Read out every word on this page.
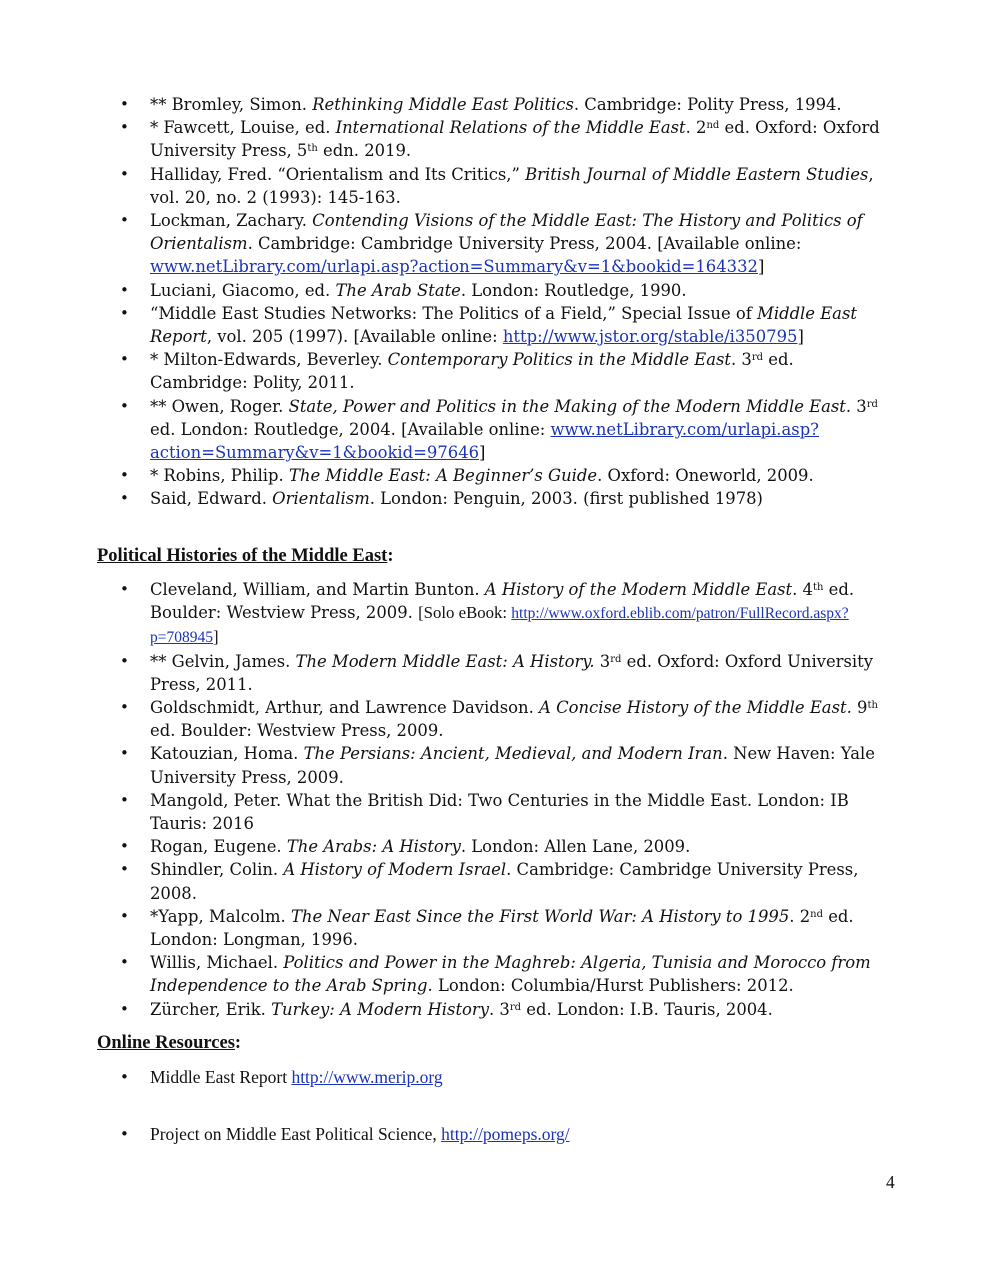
• ** Bromley, Simon. Rethinking Middle East Politics. Cambridge: Polity Press, 1994.
• * Fawcett, Louise, ed. International Relations of the Middle East. 2nd ed. Oxford: Oxford University Press, 5th edn. 2019.
• Halliday, Fred. “Orientalism and Its Critics,” British Journal of Middle Eastern Studies, vol. 20, no. 2 (1993): 145-163.
• Lockman, Zachary. Contending Visions of the Middle East: The History and Politics of Orientalism. Cambridge: Cambridge University Press, 2004. [Available online: www.netLibrary.com/urlapi.asp?action=Summary&v=1&bookid=164332]
• Luciani, Giacomo, ed. The Arab State. London: Routledge, 1990.
• “Middle East Studies Networks: The Politics of a Field,” Special Issue of Middle East Report, vol. 205 (1997). [Available online: http://www.jstor.org/stable/i350795]
• * Milton-Edwards, Beverley. Contemporary Politics in the Middle East. 3rd ed. Cambridge: Polity, 2011.
• ** Owen, Roger. State, Power and Politics in the Making of the Modern Middle East. 3rd ed. London: Routledge, 2004. [Available online: www.netLibrary.com/urlapi.asp?action=Summary&v=1&bookid=97646]
• * Robins, Philip. The Middle East: A Beginner’s Guide. Oxford: Oneworld, 2009.
• Said, Edward. Orientalism. London: Penguin, 2003. (first published 1978)
Political Histories of the Middle East:
• Cleveland, William, and Martin Bunton. A History of the Modern Middle East. 4th ed. Boulder: Westview Press, 2009. [Solo eBook: http://www.oxford.eblib.com/patron/FullRecord.aspx?p=708945]
• ** Gelvin, James. The Modern Middle East: A History. 3rd ed. Oxford: Oxford University Press, 2011.
• Goldschmidt, Arthur, and Lawrence Davidson. A Concise History of the Middle East. 9th ed. Boulder: Westview Press, 2009.
• Katouzian, Homa. The Persians: Ancient, Medieval, and Modern Iran. New Haven: Yale University Press, 2009.
• Mangold, Peter. What the British Did: Two Centuries in the Middle East. London: IB Tauris: 2016
• Rogan, Eugene. The Arabs: A History. London: Allen Lane, 2009.
• Shindler, Colin. A History of Modern Israel. Cambridge: Cambridge University Press, 2008.
• *Yapp, Malcolm. The Near East Since the First World War: A History to 1995. 2nd ed. London: Longman, 1996.
• Willis, Michael. Politics and Power in the Maghreb: Algeria, Tunisia and Morocco from Independence to the Arab Spring. London: Columbia/Hurst Publishers: 2012.
• Zürcher, Erik. Turkey: A Modern History. 3rd ed. London: I.B. Tauris, 2004.
Online Resources:
• Middle East Report http://www.merip.org
• Project on Middle East Political Science, http://pomeps.org/
4
